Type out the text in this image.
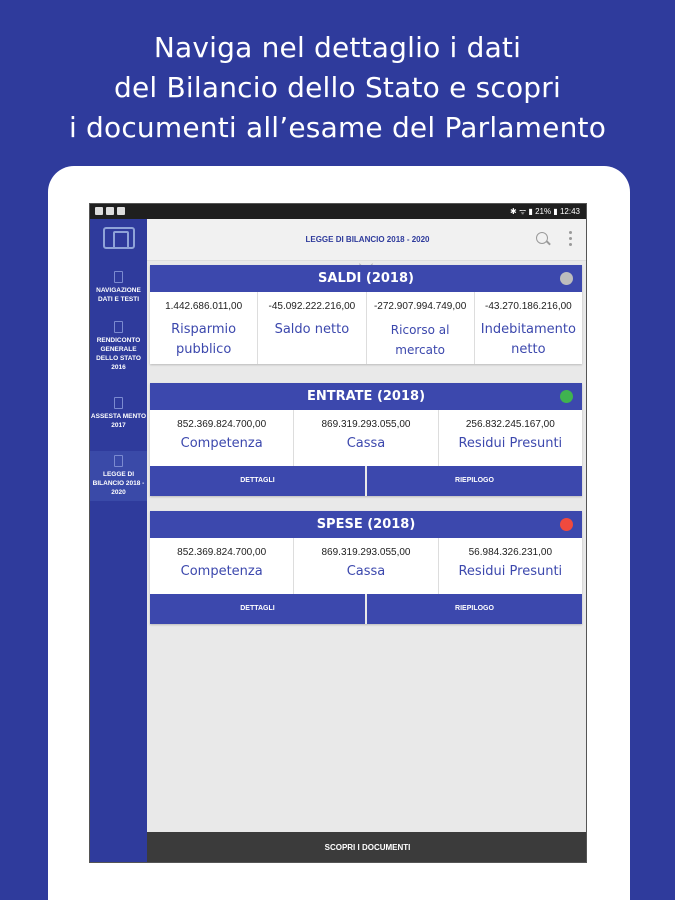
Naviga nel dettaglio i dati
del Bilancio dello Stato e scopri
i documenti all’esame del Parlamento
✱ ᯤ ▮ 21% ▮ 12:43
NAVIGAZIONE DATI E TESTI
RENDICONTO GENERALE DELLO STATO 2016
ASSESTA MENTO 2017
LEGGE DI BILANCIO 2018 - 2020
LEGGE DI BILANCIO 2018 - 2020
SALDI (2018)
1.442.686.011,00
Risparmio pubblico
-45.092.222.216,00
Saldo netto
-272.907.994.749,00
Ricorso al mercato
-43.270.186.216,00
Indebitamento netto
ENTRATE (2018)
852.369.824.700,00
Competenza
869.319.293.055,00
Cassa
256.832.245.167,00
Residui Presunti
DETTAGLI	RIEPILOGO
SPESE (2018)
852.369.824.700,00
Competenza
869.319.293.055,00
Cassa
56.984.326.231,00
Residui Presunti
DETTAGLI	RIEPILOGO
SCOPRI I DOCUMENTI
